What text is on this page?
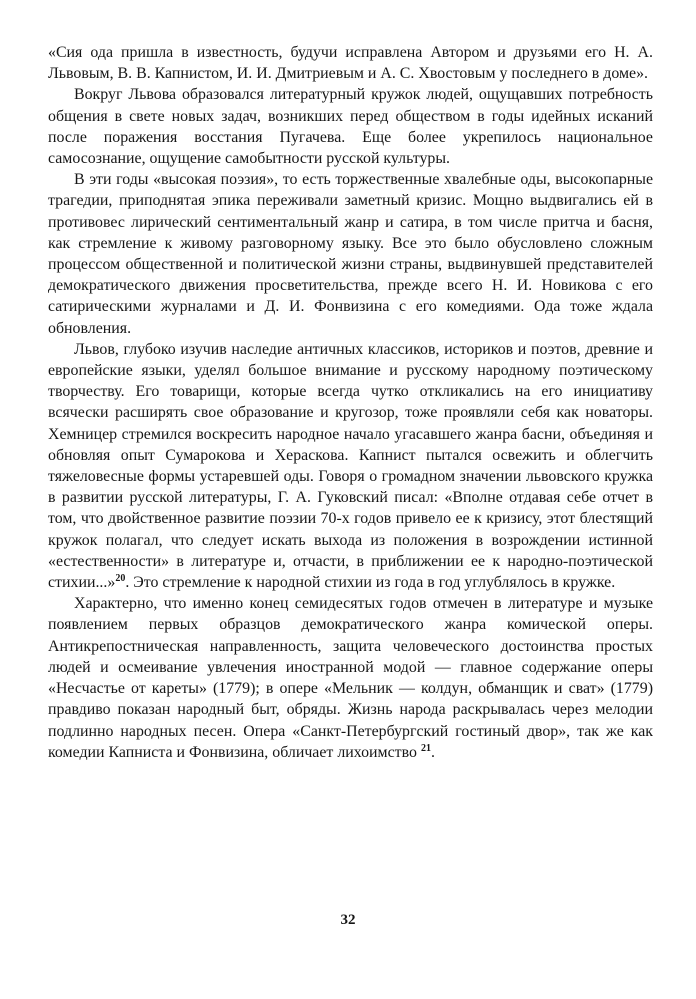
«Сия ода пришла в известность, будучи исправлена Автором и друзьями его Н. А. Львовым, В. В. Капнистом, И. И. Дмитриевым и А. С. Хвостовым у последнего в доме».

Вокруг Львова образовался литературный кружок людей, ощущавших потребность общения в свете новых задач, возникших перед обществом в годы идейных исканий после поражения восстания Пугачева. Еще более укрепилось национальное самосознание, ощущение самобытности русской культуры.

В эти годы «высокая поэзия», то есть торжественные хвалебные оды, высокопарные трагедии, приподнятая эпика переживали заметный кризис. Мощно выдвигались ей в противовес лирический сентиментальный жанр и сатира, в том числе притча и басня, как стремление к живому разговорному языку. Все это было обусловлено сложным процессом общественной и политической жизни страны, выдвинувшей представителей демократического движения просветительства, прежде всего Н. И. Новикова с его сатирическими журналами и Д. И. Фонвизина с его комедиями. Ода тоже ждала обновления.

Львов, глубоко изучив наследие античных классиков, историков и поэтов, древние и европейские языки, уделял большое внимание и русскому народному поэтическому творчеству. Его товарищи, которые всегда чутко откликались на его инициативу всячески расширять свое образование и кругозор, тоже проявляли себя как новаторы. Хемницер стремился воскресить народное начало угасавшего жанра басни, объединяя и обновляя опыт Сумарокова и Хераскова. Капнист пытался освежить и облегчить тяжеловесные формы устаревшей оды. Говоря о громадном значении львовского кружка в развитии русской литературы, Г. А. Гуковский писал: «Вполне отдавая себе отчет в том, что двойственное развитие поэзии 70-х годов привело ее к кризису, этот блестящий кружок полагал, что следует искать выхода из положения в возрождении истинной «естественности» в литературе и, отчасти, в приближении ее к народно-поэтической стихии...»$^{20}$. Это стремление к народной стихии из года в год углублялось в кружке.

Характерно, что именно конец семидесятых годов отмечен в литературе и музыке появлением первых образцов демократического жанра комической оперы. Антикрепостническая направленность, защита человеческого достоинства простых людей и осмеивание увлечения иностранной модой — главное содержание оперы «Несчастье от кареты» (1779); в опере «Мельник — колдун, обманщик и сват» (1779) правдиво показан народный быт, обряды. Жизнь народа раскрывалась через мелодии подлинно народных песен. Опера «Санкт-Петербургский гостиный двор», так же как комедии Капниста и Фонвизина, обличает лихоимство $^{21}$.

32
